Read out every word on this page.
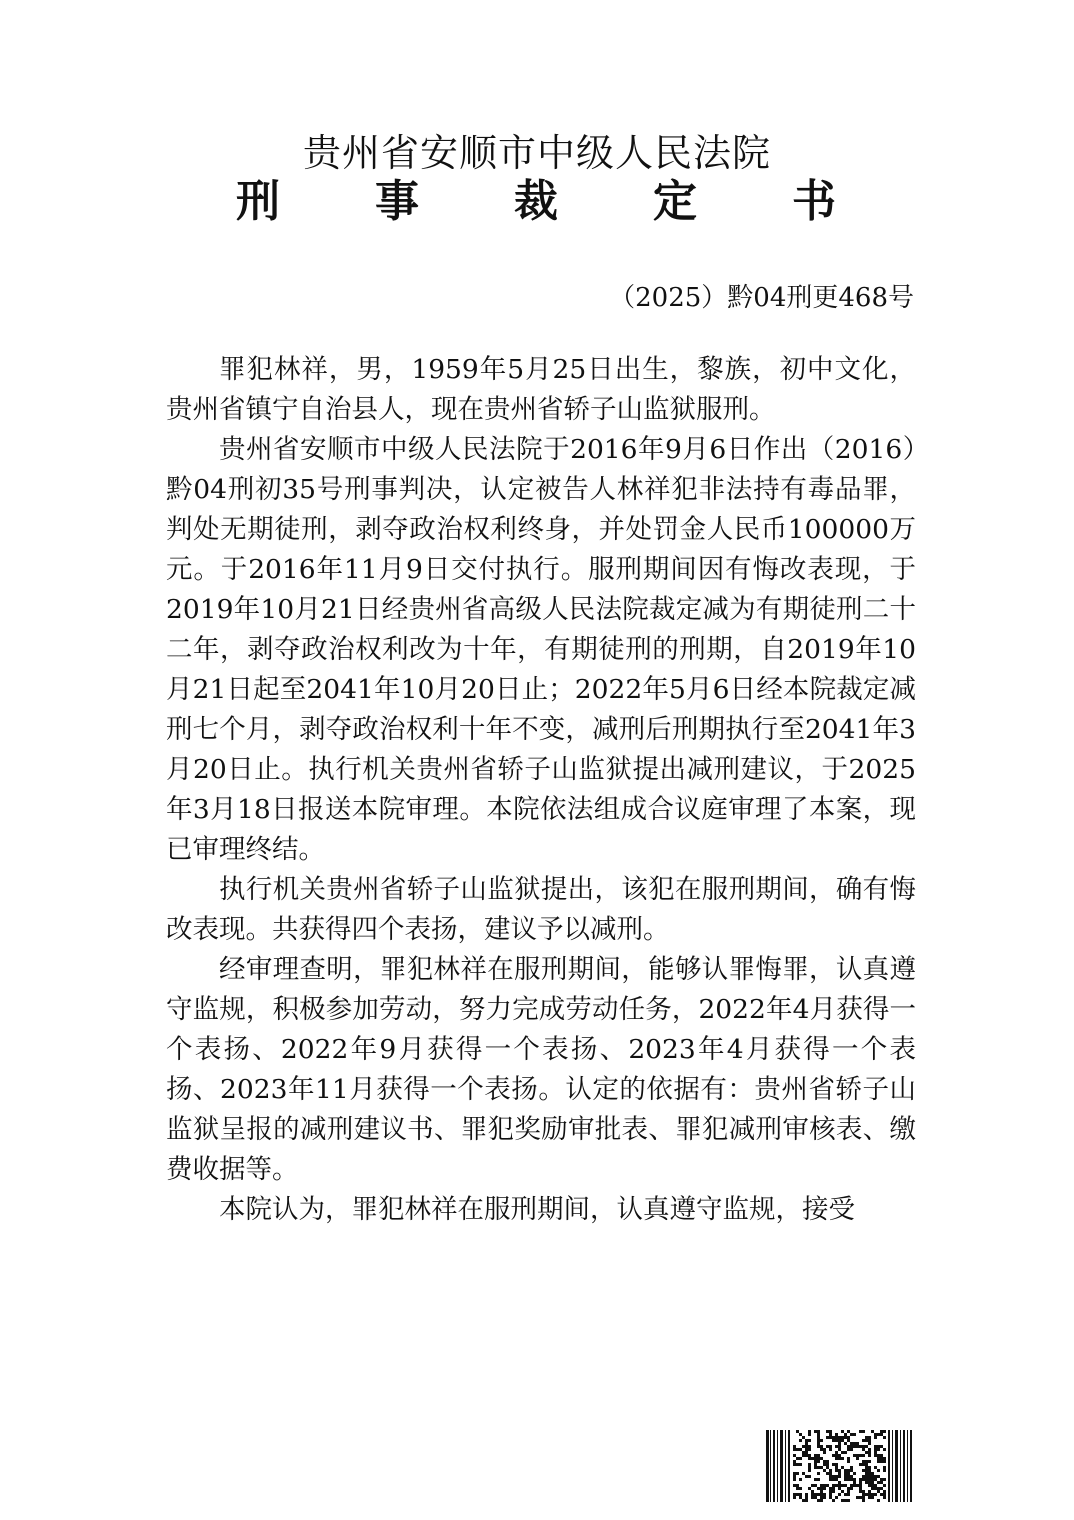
贵州省安顺市中级人民法院
刑 事 裁 定 书
（2025）黔04刑更468号

罪犯林祥，男，1959年5月25日出生，黎族，初中文化，贵州省镇宁自治县人，现在贵州省轿子山监狱服刑。

贵州省安顺市中级人民法院于2016年9月6日作出（2016）黔04刑初35号刑事判决，认定被告人林祥犯非法持有毒品罪，判处无期徒刑，剥夺政治权利终身，并处罚金人民币100000万元。于2016年11月9日交付执行。服刑期间因有悔改表现，于2019年10月21日经贵州省高级人民法院裁定减为有期徒刑二十二年，剥夺政治权利改为十年，有期徒刑的刑期，自2019年10月21日起至2041年10月20日止；2022年5月6日经本院裁定减刑七个月，剥夺政治权利十年不变，减刑后刑期执行至2041年3月20日止。执行机关贵州省轿子山监狱提出减刑建议，于2025年3月18日报送本院审理。本院依法组成合议庭审理了本案，现已审理终结。

执行机关贵州省轿子山监狱提出，该犯在服刑期间，确有悔改表现。共获得四个表扬，建议予以减刑。

经审理查明，罪犯林祥在服刑期间，能够认罪悔罪，认真遵守监规，积极参加劳动，努力完成劳动任务，2022年4月获得一个表扬、2022年9月获得一个表扬、2023年4月获得一个表扬、2023年11月获得一个表扬。认定的依据有：贵州省轿子山监狱呈报的减刑建议书、罪犯奖励审批表、罪犯减刑审核表、缴费收据等。

本院认为，罪犯林祥在服刑期间，认真遵守监规，接受
